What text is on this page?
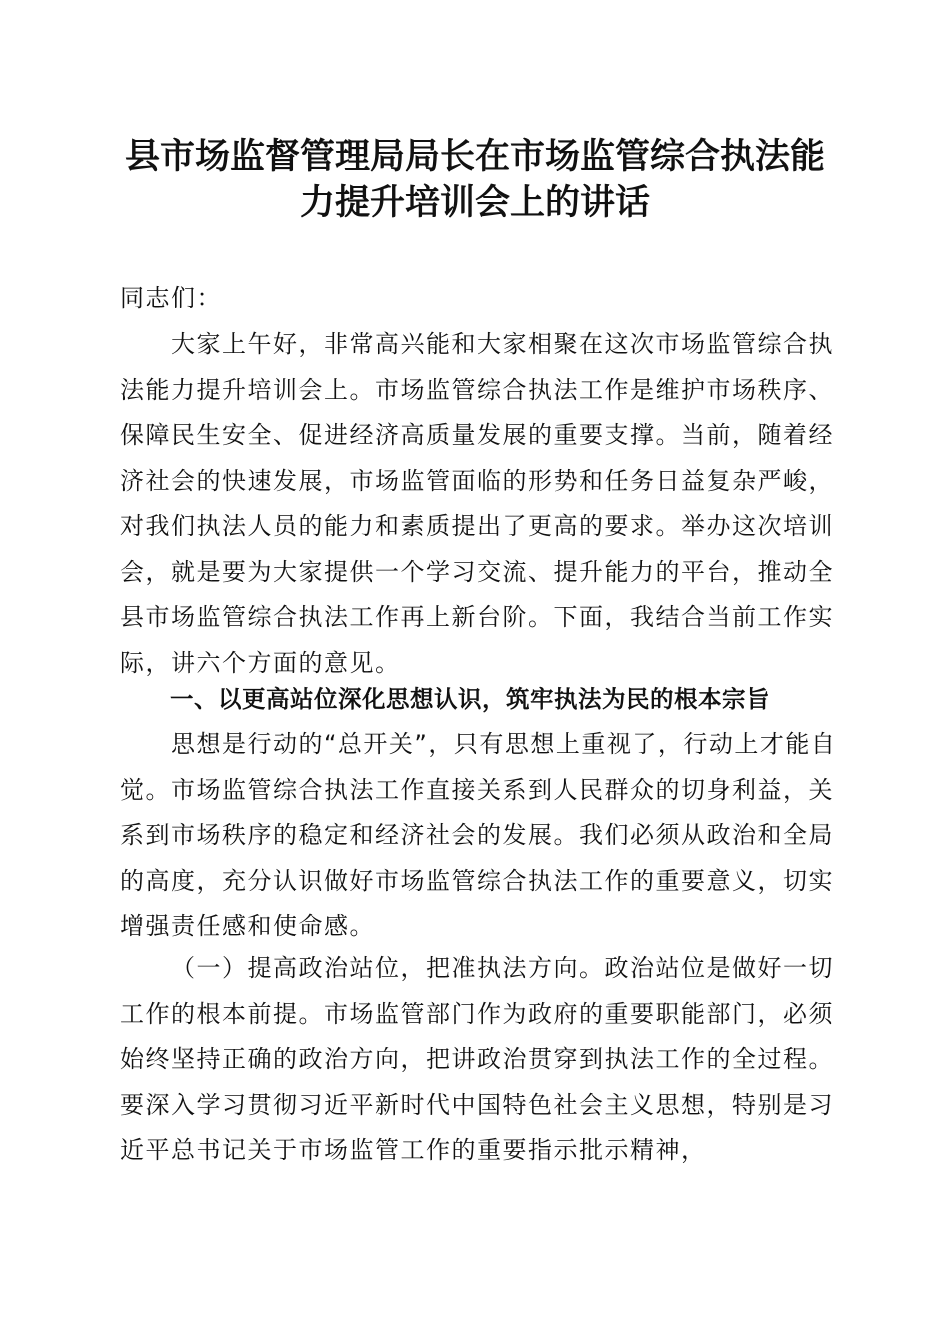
县市场监督管理局局长在市场监管综合执法能
力提升培训会上的讲话

同志们：

大家上午好，非常高兴能和大家相聚在这次市场监管综合执法能力提升培训会上。市场监管综合执法工作是维护市场秩序、保障民生安全、促进经济高质量发展的重要支撑。当前，随着经济社会的快速发展，市场监管面临的形势和任务日益复杂严峻，对我们执法人员的能力和素质提出了更高的要求。举办这次培训会，就是要为大家提供一个学习交流、提升能力的平台，推动全县市场监管综合执法工作再上新台阶。下面，我结合当前工作实际，讲六个方面的意见。

一、以更高站位深化思想认识，筑牢执法为民的根本宗旨

思想是行动的“总开关”，只有思想上重视了，行动上才能自觉。市场监管综合执法工作直接关系到人民群众的切身利益，关系到市场秩序的稳定和经济社会的发展。我们必须从政治和全局的高度，充分认识做好市场监管综合执法工作的重要意义，切实增强责任感和使命感。

（一）提高政治站位，把准执法方向。政治站位是做好一切工作的根本前提。市场监管部门作为政府的重要职能部门，必须始终坚持正确的政治方向，把讲政治贯穿到执法工作的全过程。要深入学习贯彻习近平新时代中国特色社会主义思想，特别是习近平总书记关于市场监管工作的重要指示批示精神，
